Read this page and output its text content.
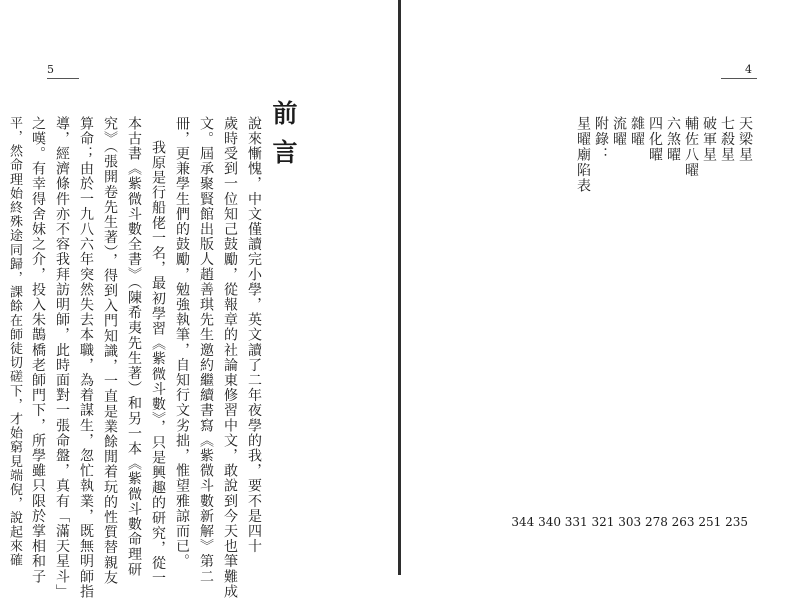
5
前言
說來慚愧，中文僅讀完小學，英文讀了二年夜學的我，要不是四十
歲時受到一位知己鼓勵，從報章的社論東修習中文，敢說到今天也筆難成
文。屆承聚賢館出版人趙善琪先生邀約繼續書寫《紫微斗數新解》第二
冊，更兼學生們的鼓勵，勉強執筆，自知行文劣拙，惟望雅諒而已。
我原是行船佬一名，最初學習《紫微斗數》，只是興趣的研究，從一
本古書《紫微斗數全書》（陳希夷先生著）和另一本《紫微斗數命理研
究》（張開卷先生著），得到入門知識，一直是業餘閒着玩的性質替親友
算命；由於一九八六年突然失去本職，為着謀生，忽忙執業，既無明師指
導，經濟條件亦不容我拜訪明師，此時面對一張命盤，真有「滿天星斗」
之嘆。有幸得舍妹之介，投入朱鵲橋老師門下，所學雖只限於掌相和子
平，然命理始終殊途同歸，課餘在師徒切磋下，才始窮見端倪，說起來確
4
天梁星
七殺星
破軍星
輔佐八曜
六煞曜
四化曜
雜曜
流曜
附錄：
星曜廟陷表
344 340 331 321 303 278 263 251 235
